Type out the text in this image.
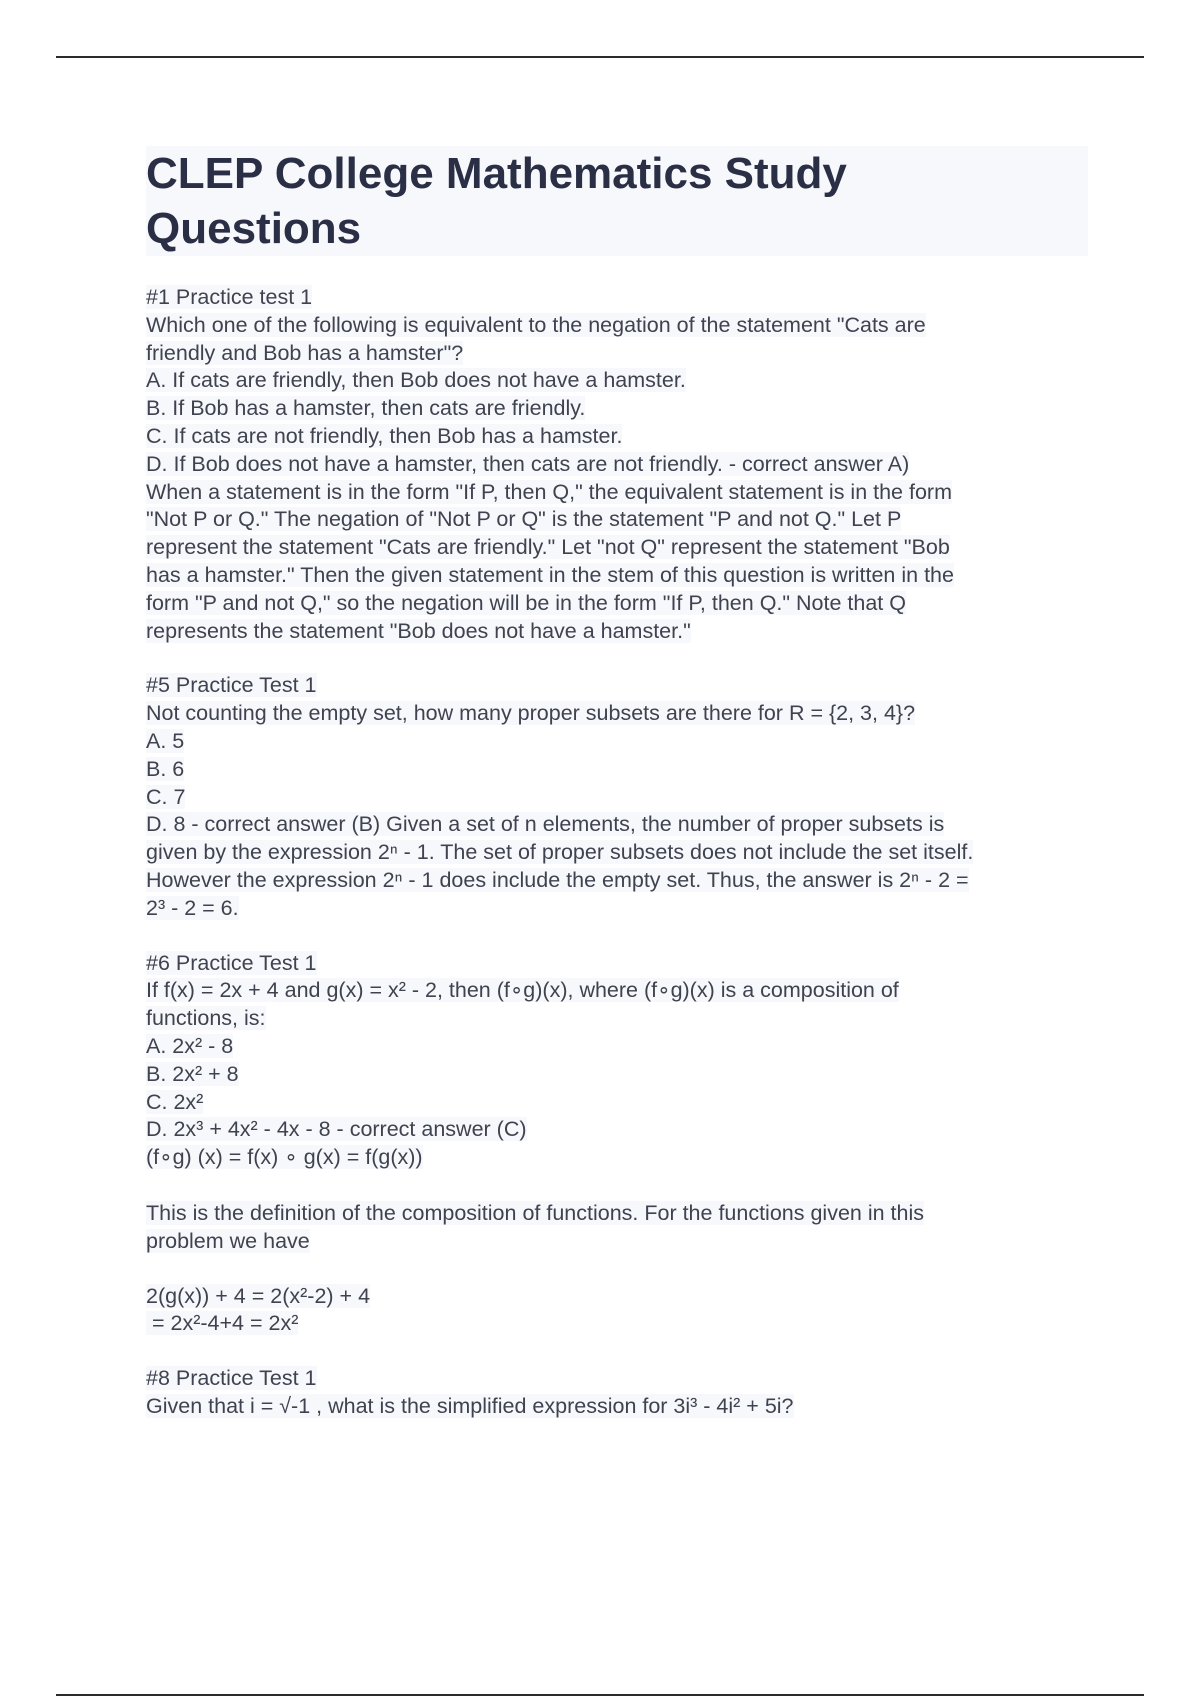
CLEP College Mathematics Study
Questions
#1 Practice test 1
Which one of the following is equivalent to the negation of the statement "Cats are
friendly and Bob has a hamster"?
A. If cats are friendly, then Bob does not have a hamster.
B. If Bob has a hamster, then cats are friendly.
C. If cats are not friendly, then Bob has a hamster.
D. If Bob does not have a hamster, then cats are not friendly. - correct answer A)
When a statement is in the form "If P, then Q," the equivalent statement is in the form
"Not P or Q." The negation of "Not P or Q" is the statement "P and not Q." Let P
represent the statement "Cats are friendly." Let "not Q" represent the statement "Bob
has a hamster." Then the given statement in the stem of this question is written in the
form "P and not Q," so the negation will be in the form "If P, then Q." Note that Q
represents the statement "Bob does not have a hamster."
#5 Practice Test 1
Not counting the empty set, how many proper subsets are there for R = {2, 3, 4}?
A. 5
B. 6
C. 7
D. 8 - correct answer (B) Given a set of n elements, the number of proper subsets is
given by the expression 2ⁿ - 1. The set of proper subsets does not include the set itself.
However the expression 2ⁿ - 1 does include the empty set. Thus, the answer is 2ⁿ - 2 =
2³ - 2 = 6.
#6 Practice Test 1
If f(x) = 2x + 4 and g(x) = x² - 2, then (f∘g)(x), where (f∘g)(x) is a composition of
functions, is:
A. 2x² - 8
B. 2x² + 8
C. 2x²
D. 2x³ + 4x² - 4x - 8 - correct answer (C)
(f∘g) (x) = f(x) ∘ g(x) = f(g(x))
This is the definition of the composition of functions. For the functions given in this
problem we have
2(g(x)) + 4 = 2(x²-2) + 4
= 2x²-4+4 = 2x²
#8 Practice Test 1
Given that i = √-1 , what is the simplified expression for 3i³ - 4i² + 5i?
